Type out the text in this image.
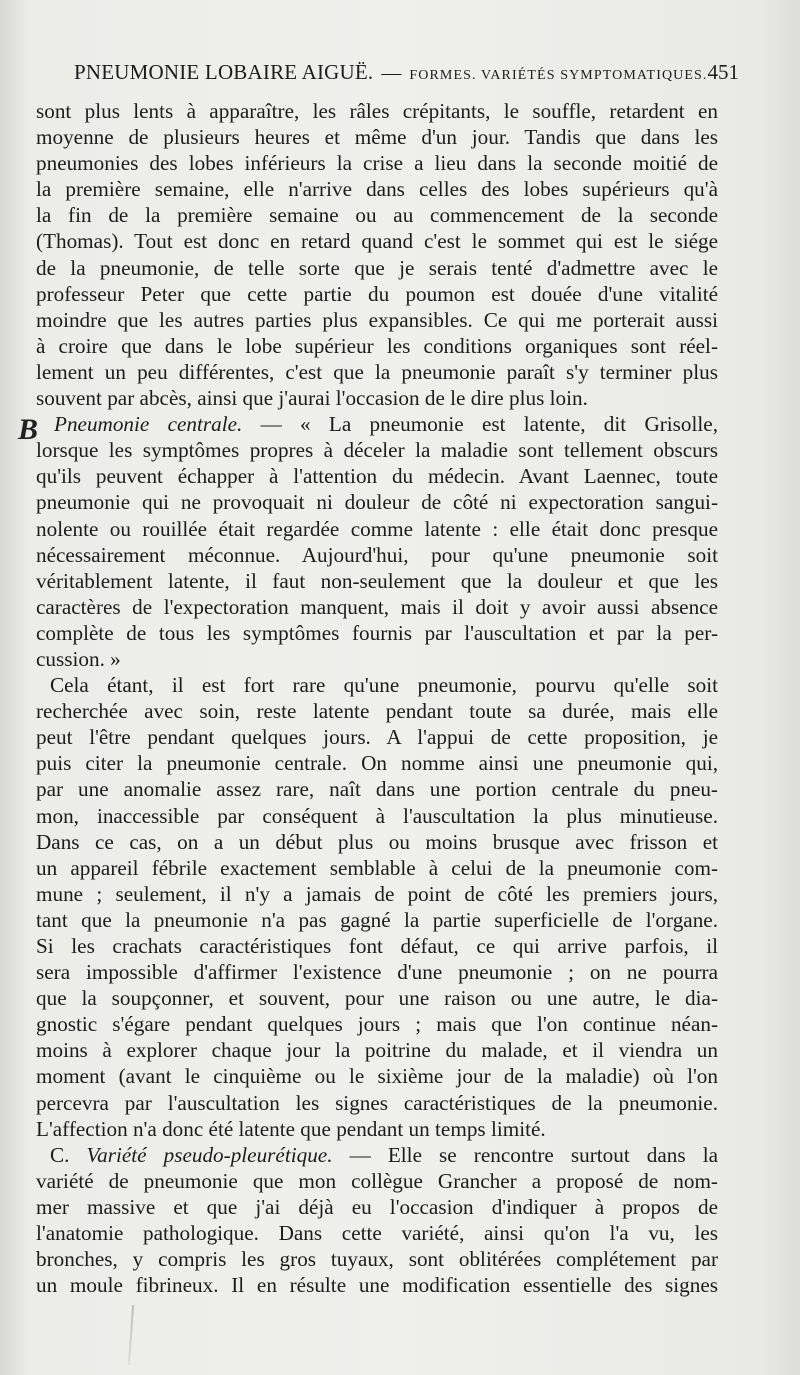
PNEUMONIE LOBAIRE AIGUË. — FORMES. VARIÉTÉS SYMPTOMATIQUES. 451
B

sont plus lents à apparaître, les râles crépitants, le souffle, retardent en
moyenne de plusieurs heures et même d'un jour. Tandis que dans les
pneumonies des lobes inférieurs la crise a lieu dans la seconde moitié de
la première semaine, elle n'arrive dans celles des lobes supérieurs qu'à
la fin de la première semaine ou au commencement de la seconde
(Thomas). Tout est donc en retard quand c'est le sommet qui est le siége
de la pneumonie, de telle sorte que je serais tenté d'admettre avec le
professeur Peter que cette partie du poumon est douée d'une vitalité
moindre que les autres parties plus expansibles. Ce qui me porterait aussi
à croire que dans le lobe supérieur les conditions organiques sont réel-
lement un peu différentes, c'est que la pneumonie paraît s'y terminer plus
souvent par abcès, ainsi que j'aurai l'occasion de le dire plus loin.

Pneumonie centrale. — « La pneumonie est latente, dit Grisolle,
lorsque les symptômes propres à déceler la maladie sont tellement obscurs
qu'ils peuvent échapper à l'attention du médecin. Avant Laennec, toute
pneumonie qui ne provoquait ni douleur de côté ni expectoration sangui-
nolente ou rouillée était regardée comme latente : elle était donc presque
nécessairement méconnue. Aujourd'hui, pour qu'une pneumonie soit
véritablement latente, il faut non-seulement que la douleur et que les
caractères de l'expectoration manquent, mais il doit y avoir aussi absence
complète de tous les symptômes fournis par l'auscultation et par la per-
cussion. »

Cela étant, il est fort rare qu'une pneumonie, pourvu qu'elle soit
recherchée avec soin, reste latente pendant toute sa durée, mais elle
peut l'être pendant quelques jours. A l'appui de cette proposition, je
puis citer la pneumonie centrale. On nomme ainsi une pneumonie qui,
par une anomalie assez rare, naît dans une portion centrale du pneu-
mon, inaccessible par conséquent à l'auscultation la plus minutieuse.
Dans ce cas, on a un début plus ou moins brusque avec frisson et
un appareil fébrile exactement semblable à celui de la pneumonie com-
mune ; seulement, il n'y a jamais de point de côté les premiers jours,
tant que la pneumonie n'a pas gagné la partie superficielle de l'organe.
Si les crachats caractéristiques font défaut, ce qui arrive parfois, il
sera impossible d'affirmer l'existence d'une pneumonie ; on ne pourra
que la soupçonner, et souvent, pour une raison ou une autre, le dia-
gnostic s'égare pendant quelques jours ; mais que l'on continue néan-
moins à explorer chaque jour la poitrine du malade, et il viendra un
moment (avant le cinquième ou le sixième jour de la maladie) où l'on
percevra par l'auscultation les signes caractéristiques de la pneumonie.
L'affection n'a donc été latente que pendant un temps limité.

C. Variété pseudo-pleurétique. — Elle se rencontre surtout dans la
variété de pneumonie que mon collègue Grancher a proposé de nom-
mer massive et que j'ai déjà eu l'occasion d'indiquer à propos de
l'anatomie pathologique. Dans cette variété, ainsi qu'on l'a vu, les
bronches, y compris les gros tuyaux, sont oblitérées complétement par
un moule fibrineux. Il en résulte une modification essentielle des signes
